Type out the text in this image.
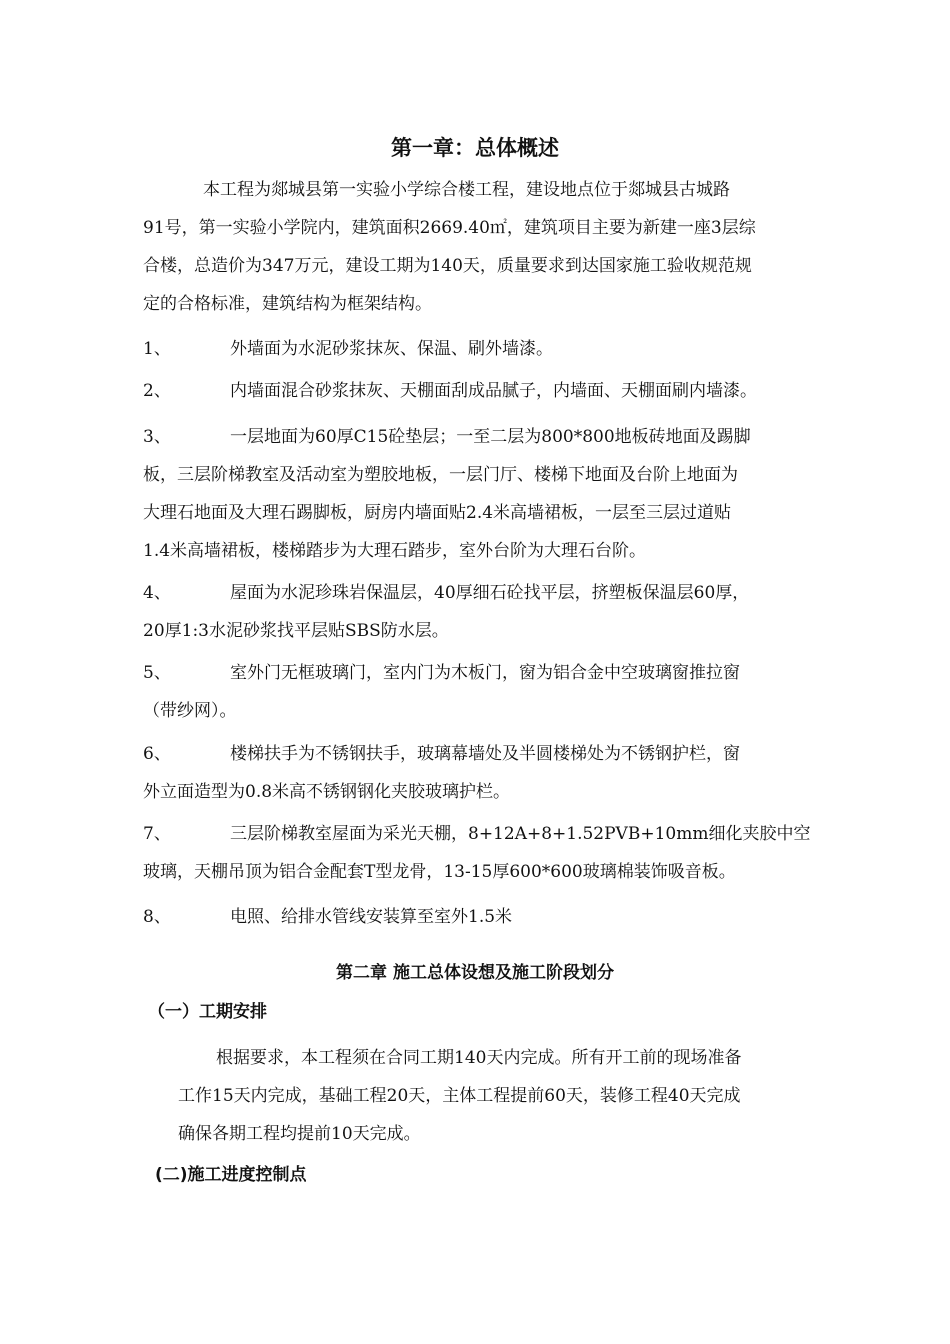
第一章：总体概述
本工程为郯城县第一实验小学综合楼工程，建设地点位于郯城县古城路
91号，第一实验小学院内，建筑面积2669.40㎡，建筑项目主要为新建一座3层综
合楼，总造价为347万元，建设工期为140天，质量要求到达国家施工验收规范规
定的合格标准，建筑结构为框架结构。
1、	外墙面为水泥砂浆抹灰、保温、刷外墙漆。
2、	内墙面混合砂浆抹灰、天棚面刮成品腻子，内墙面、天棚面刷内墙漆。
3、	一层地面为60厚C15砼垫层；一至二层为800*800地板砖地面及踢脚
板，三层阶梯教室及活动室为塑胶地板，一层门厅、楼梯下地面及台阶上地面为
大理石地面及大理石踢脚板，厨房内墙面贴2.4米高墙裙板，一层至三层过道贴
1.4米高墙裙板，楼梯踏步为大理石踏步，室外台阶为大理石台阶。
4、	屋面为水泥珍珠岩保温层，40厚细石砼找平层，挤塑板保温层60厚，
20厚1:3水泥砂浆找平层贴SBS防水层。
5、	室外门无框玻璃门，室内门为木板门，窗为铝合金中空玻璃窗推拉窗
（带纱网）。
6、	楼梯扶手为不锈钢扶手，玻璃幕墙处及半圆楼梯处为不锈钢护栏，窗
外立面造型为0.8米高不锈钢钢化夹胶玻璃护栏。
7、	三层阶梯教室屋面为采光天棚，8+12A+8+1.52PVB+10mm细化夹胶中空
玻璃，天棚吊顶为铝合金配套T型龙骨，13-15厚600*600玻璃棉装饰吸音板。
8、	电照、给排水管线安装算至室外1.5米
第二章 施工总体设想及施工阶段划分
（一）工期安排
根据要求，本工程须在合同工期140天内完成。所有开工前的现场准备
工作15天内完成，基础工程20天，主体工程提前60天，装修工程40天完成
确保各期工程均提前10天完成。
(二)施工进度控制点
